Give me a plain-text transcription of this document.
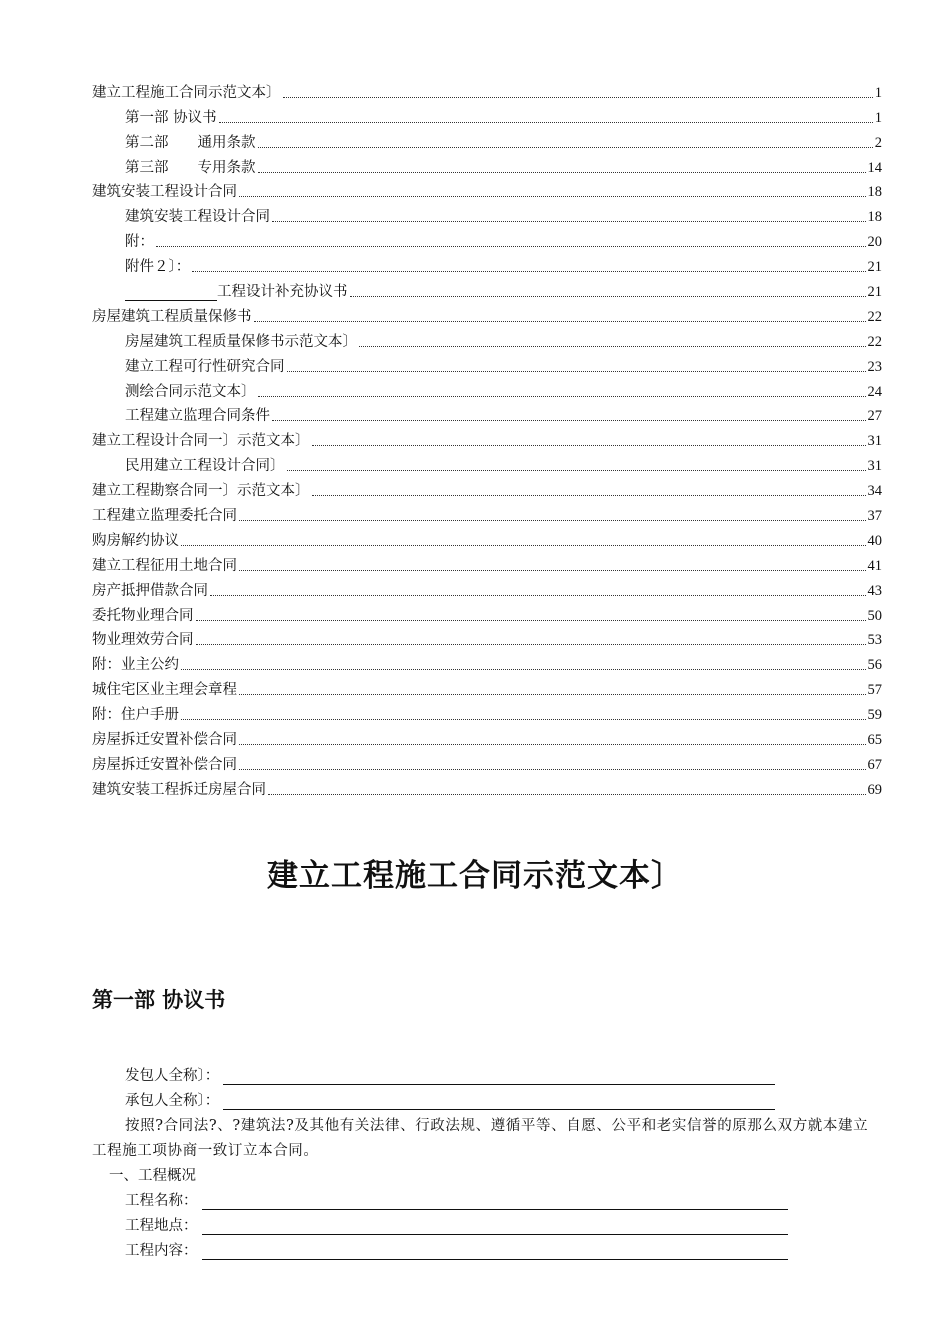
建立工程施工合同示范文本〕	1
第一部 协议书	1
第二部　　通用条款	2
第三部　　专用条款	14
建筑安装工程设计合同	18
建筑安装工程设计合同	18
附：	20
附件２〕：	21
工程设计补充协议书	21
房屋建筑工程质量保修书	22
房屋建筑工程质量保修书示范文本〕	22
建立工程可行性研究合同	23
测绘合同示范文本〕	24
工程建立监理合同条件	27
建立工程设计合同一〕示范文本〕	31
民用建立工程设计合同〕	31
建立工程勘察合同一〕示范文本〕	34
工程建立监理委托合同	37
购房解约协议	40
建立工程征用土地合同	41
房产抵押借款合同	43
委托物业理合同	50
物业理效劳合同	53
附：业主公约	56
城住宅区业主理会章程	57
附：住户手册	59
房屋拆迁安置补偿合同	65
房屋拆迁安置补偿合同	67
建筑安装工程拆迁房屋合同	69
建立工程施工合同示范文本〕
第一部 协议书
发包人全称〕：
承包人全称〕：
按照?合同法?、?建筑法?及其他有关法律、行政法规、遵循平等、自愿、公平和老实信誉的原那么双方就本建立工程施工项协商一致订立本合同。
一、工程概况
工程名称：
工程地点：
工程内容：
